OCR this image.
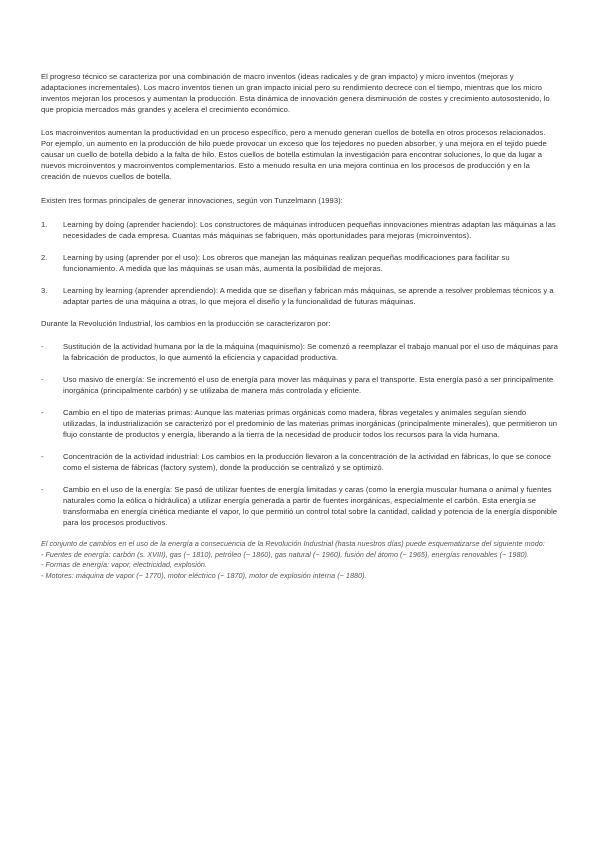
El progreso técnico se caracteriza por una combinación de macro inventos (ideas radicales y de gran impacto) y micro inventos (mejoras y adaptaciones incrementales). Los macro inventos tienen un gran impacto inicial pero su rendimiento decrece con el tiempo, mientras que los micro inventos mejoran los procesos y aumentan la producción. Esta dinámica de innovación genera disminución de costes y crecimiento autosostenido, lo que propicia mercados más grandes y acelera el crecimiento económico.

Los macroinventos aumentan la productividad en un proceso específico, pero a menudo generan cuellos de botella en otros procesos relacionados. Por ejemplo, un aumento en la producción de hilo puede provocar un exceso que los tejedores no pueden absorber, y una mejora en el tejido puede causar un cuello de botella debido a la falta de hilo. Estos cuellos de botella estimulan la investigación para encontrar soluciones, lo que da lugar a nuevos microinventos y macroinventos complementarios. Esto a menudo resulta en una mejora continua en los procesos de producción y en la creación de nuevos cuellos de botella.

Existen tres formas principales de generar innovaciones, según von Tunzelmann (1993):

1. Learning by doing (aprender haciendo): Los constructores de máquinas introducen pequeñas innovaciones mientras adaptan las máquinas a las necesidades de cada empresa. Cuantas más máquinas se fabriquen, más oportunidades para mejoras (microinventos).
2. Learning by using (aprender por el uso): Los obreros que manejan las máquinas realizan pequeñas modificaciones para facilitar su funcionamiento. A medida que las máquinas se usan más, aumenta la posibilidad de mejoras.
3. Learning by learning (aprender aprendiendo): A medida que se diseñan y fabrican más máquinas, se aprende a resolver problemas técnicos y a adaptar partes de una máquina a otras, lo que mejora el diseño y la funcionalidad de futuras máquinas.

Durante la Revolución Industrial, los cambios en la producción se caracterizaron por:

-	Sustitución de la actividad humana por la de la máquina (maquinismo): Se comenzó a reemplazar el trabajo manual por el uso de máquinas para la fabricación de productos, lo que aumentó la eficiencia y capacidad productiva.
-	Uso masivo de energía: Se incrementó el uso de energía para mover las máquinas y para el transporte. Esta energía pasó a ser principalmente inorgánica (principalmente carbón) y se utilizaba de manera más controlada y eficiente.
-	Cambio en el tipo de materias primas: Aunque las materias primas orgánicas como madera, fibras vegetales y animales seguían siendo utilizadas, la industrialización se caracterizó por el predominio de las materias primas inorgánicas (principalmente minerales), que permitieron un flujo constante de productos y energía, liberando a la tierra de la necesidad de producir todos los recursos para la vida humana.
-	Concentración de la actividad industrial: Los cambios en la producción llevaron a la concentración de la actividad en fábricas, lo que se conoce como el sistema de fábricas (factory system), donde la producción se centralizó y se optimizó.
-	Cambio en el uso de la energía: Se pasó de utilizar fuentes de energía limitadas y caras (como la energía muscular humana o animal y fuentes naturales como la eólica o hidráulica) a utilizar energía generada a partir de fuentes inorgánicas, especialmente el carbón. Esta energía se transformaba en energía cinética mediante el vapor, lo que permitió un control total sobre la cantidad, calidad y potencia de la energía disponible para los procesos productivos.
El conjunto de cambios en el uso de la energía a consecuencia de la Revolución Industrial (hasta nuestros días) puede esquematizarse del siguiente modo:
- Fuentes de energía: carbón (s. XVIII), gas (~ 1810), petróleo (~ 1860), gas natural (~ 1960), fusión del átomo (~ 1965), energías renovables (~ 1980).
- Formas de energía: vapor, electricidad, explosión.
- Motores: máquina de vapor (~ 1770), motor eléctrico (~ 1870), motor de explosión interna (~ 1880).
